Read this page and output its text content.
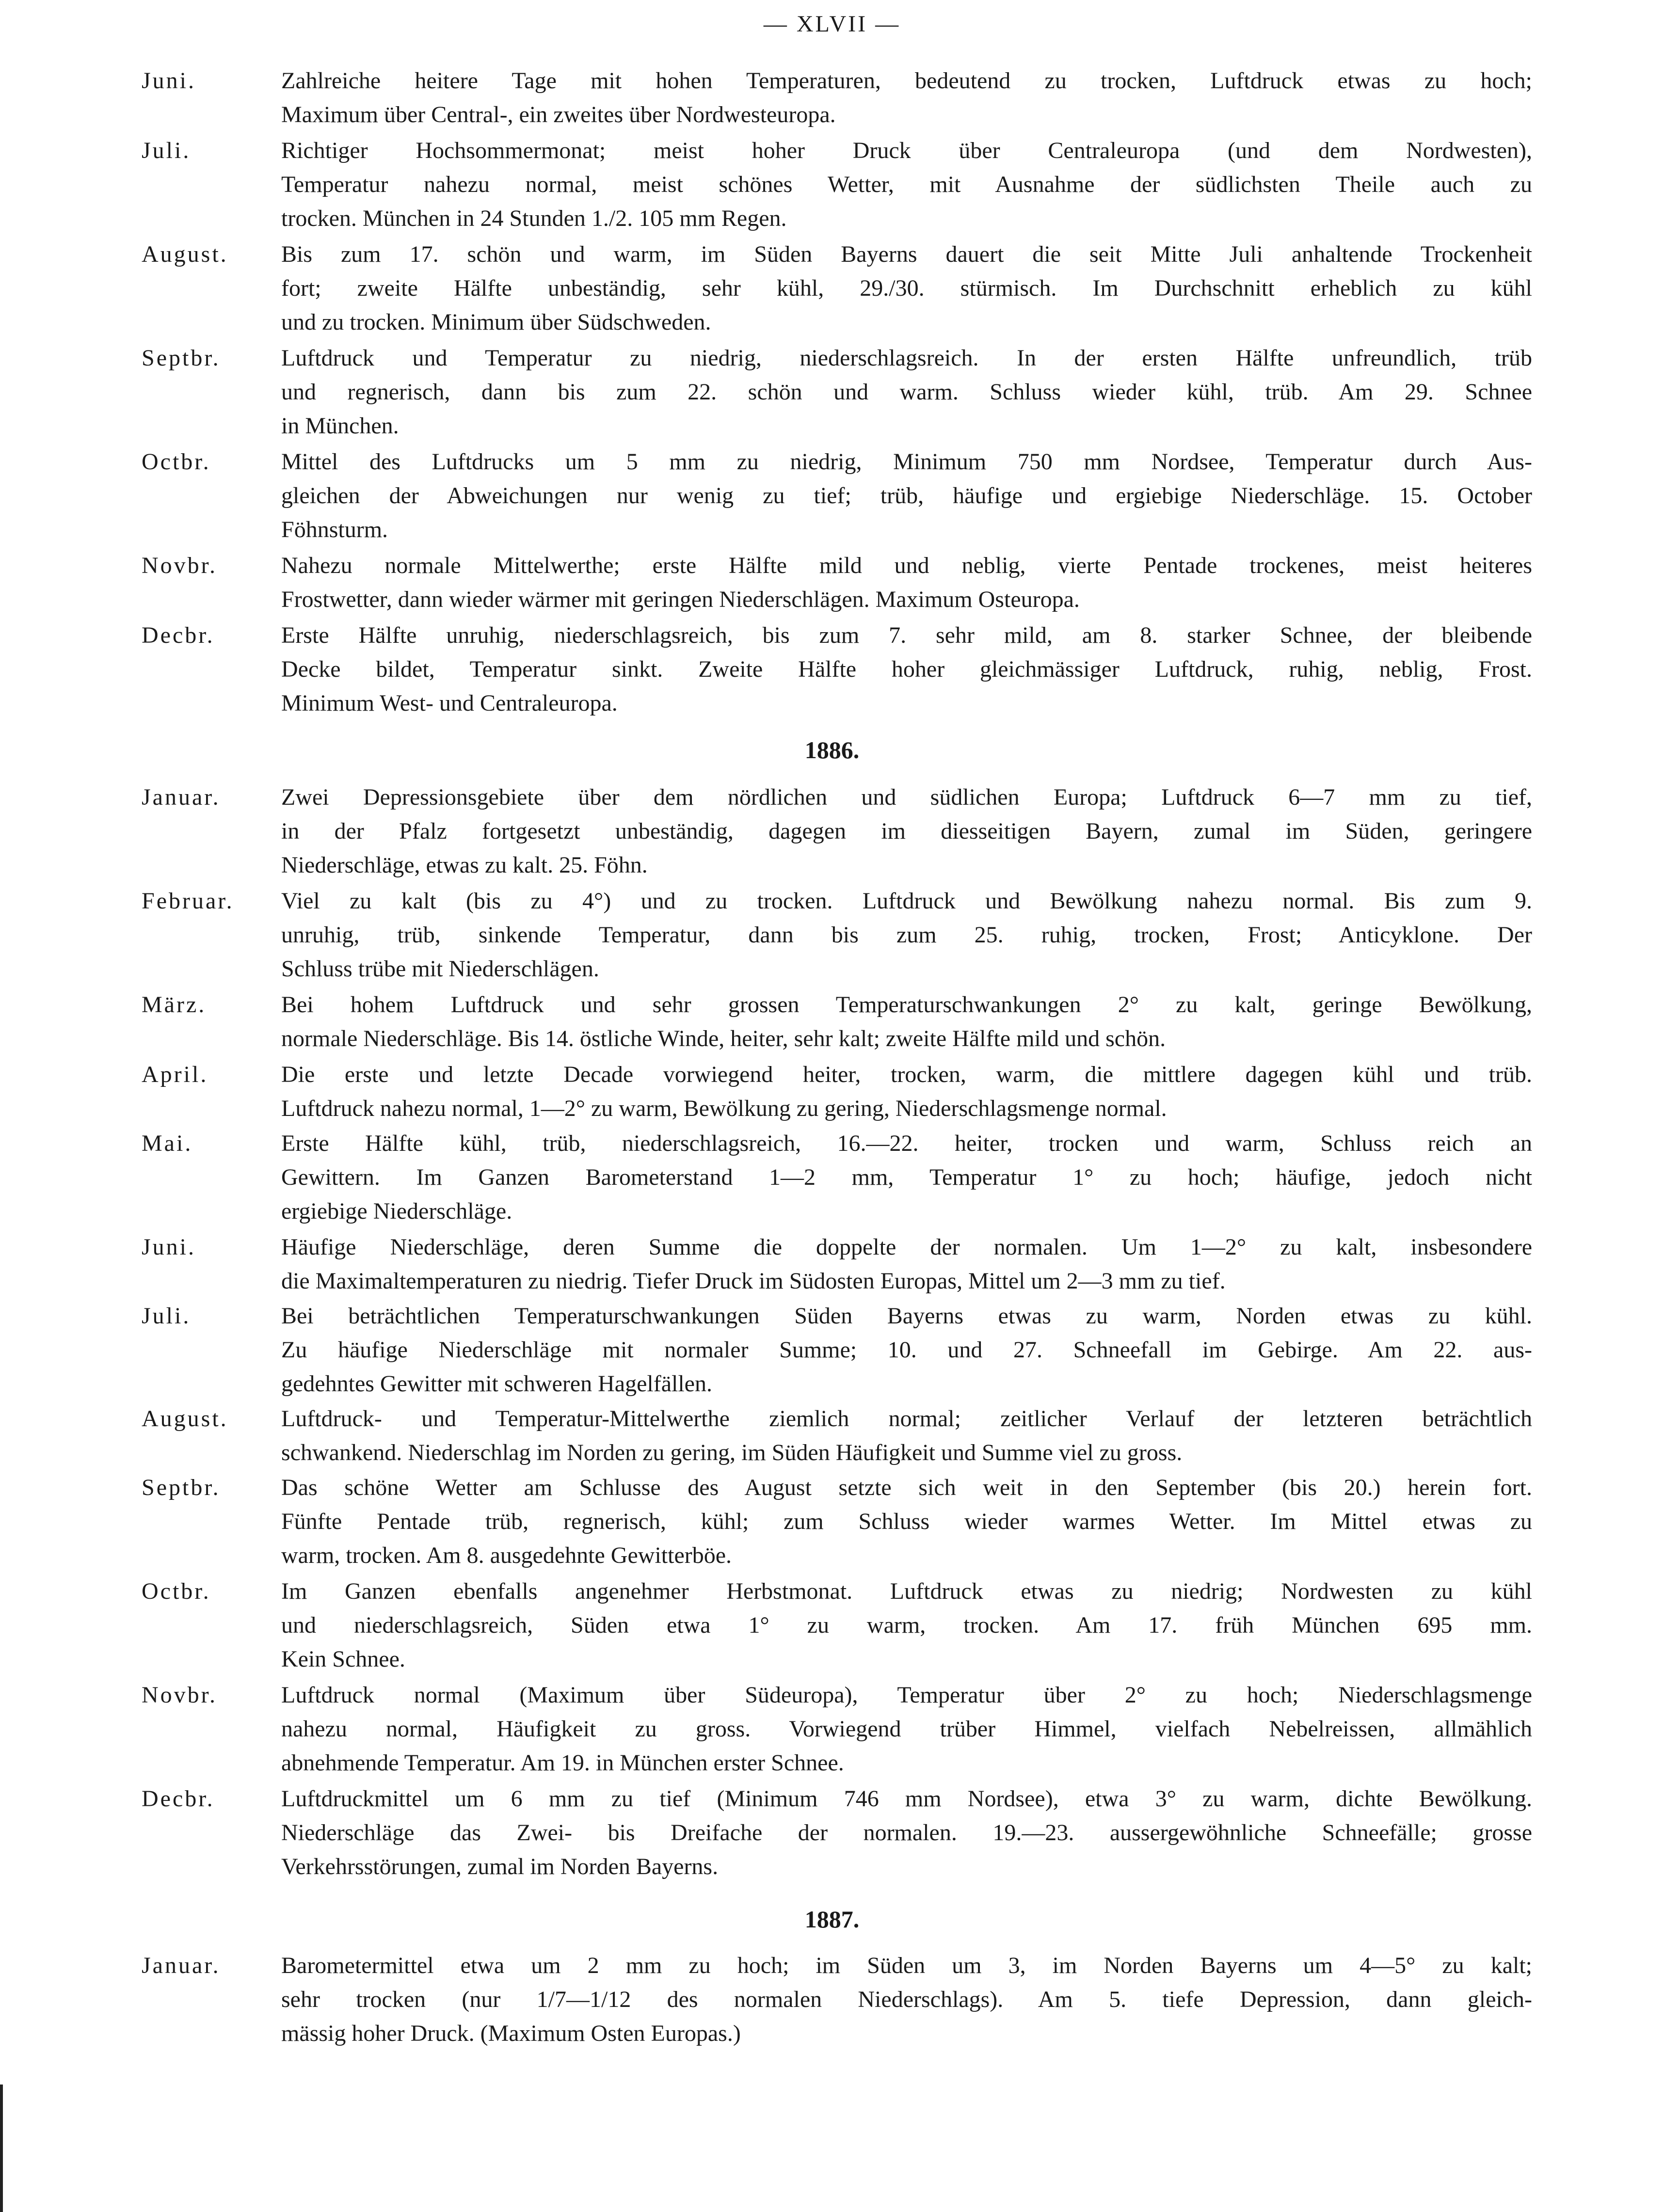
— XLVII —
Juni.	Zahlreiche heitere Tage mit hohen Temperaturen, bedeutend zu trocken, Luftdruck etwas zu hoch;
Maximum über Central-, ein zweites über Nordwesteuropa.
Juli.	Richtiger Hochsommermonat; meist hoher Druck über Centraleuropa (und dem Nordwesten),
Temperatur nahezu normal, meist schönes Wetter, mit Ausnahme der südlichsten Theile auch zu
trocken. München in 24 Stunden 1./2. 105 mm Regen.
August. Bis zum 17. schön und warm, im Süden Bayerns dauert die seit Mitte Juli anhaltende Trockenheit
fort; zweite Hälfte unbeständig, sehr kühl, 29./30. stürmisch. Im Durchschnitt erheblich zu kühl
und zu trocken. Minimum über Südschweden.
Septbr.	Luftdruck und Temperatur zu niedrig, niederschlagsreich. In der ersten Hälfte unfreundlich, trüb
und regnerisch, dann bis zum 22. schön und warm. Schluss wieder kühl, trüb. Am 29. Schnee
in München.
Octbr.	Mittel des Luftdrucks um 5 mm zu niedrig, Minimum 750 mm Nordsee, Temperatur durch Aus-
gleichen der Abweichungen nur wenig zu tief; trüb, häufige und ergiebige Niederschläge. 15. October
Föhnsturm.
Novbr.	Nahezu normale Mittelwerthe; erste Hälfte mild und neblig, vierte Pentade trockenes, meist heiteres
Frostwetter, dann wieder wärmer mit geringen Niederschlägen. Maximum Osteuropa.
Decbr.	Erste Hälfte unruhig, niederschlagsreich, bis zum 7. sehr mild, am 8. starker Schnee, der bleibende
Decke bildet, Temperatur sinkt. Zweite Hälfte hoher gleichmässiger Luftdruck, ruhig, neblig, Frost.
Minimum West- und Centraleuropa.
1886.
Januar.	Zwei Depressionsgebiete über dem nördlichen und südlichen Europa; Luftdruck 6—7 mm zu tief,
in der Pfalz fortgesetzt unbeständig, dagegen im diesseitigen Bayern, zumal im Süden, geringere
Niederschläge, etwas zu kalt. 25. Föhn.
Februar. Viel zu kalt (bis zu 4°) und zu trocken. Luftdruck und Bewölkung nahezu normal. Bis zum 9.
unruhig, trüb, sinkende Temperatur, dann bis zum 25. ruhig, trocken, Frost; Anticyklone. Der
Schluss trübe mit Niederschlägen.
März.	Bei hohem Luftdruck und sehr grossen Temperaturschwankungen 2° zu kalt, geringe Bewölkung,
normale Niederschläge. Bis 14. östliche Winde, heiter, sehr kalt; zweite Hälfte mild und schön.
April.	Die erste und letzte Decade vorwiegend heiter, trocken, warm, die mittlere dagegen kühl und trüb.
Luftdruck nahezu normal, 1—2° zu warm, Bewölkung zu gering, Niederschlagsmenge normal.
Mai.	Erste Hälfte kühl, trüb, niederschlagsreich, 16.—22. heiter, trocken und warm, Schluss reich an
Gewittern. Im Ganzen Barometerstand 1—2 mm, Temperatur 1° zu hoch; häufige, jedoch nicht
ergiebige Niederschläge.
Juni.	Häufige Niederschläge, deren Summe die doppelte der normalen. Um 1—2° zu kalt, insbesondere
die Maximaltemperaturen zu niedrig. Tiefer Druck im Südosten Europas, Mittel um 2—3 mm zu tief.
Juli.	Bei beträchtlichen Temperaturschwankungen Süden Bayerns etwas zu warm, Norden etwas zu kühl.
Zu häufige Niederschläge mit normaler Summe; 10. und 27. Schneefall im Gebirge. Am 22. aus-
gedehntes Gewitter mit schweren Hagelfällen.
August. Luftdruck- und Temperatur-Mittelwerthe ziemlich normal; zeitlicher Verlauf der letzteren beträchtlich
schwankend. Niederschlag im Norden zu gering, im Süden Häufigkeit und Summe viel zu gross.
Septbr.	Das schöne Wetter am Schlusse des August setzte sich weit in den September (bis 20.) herein fort.
Fünfte Pentade trüb, regnerisch, kühl; zum Schluss wieder warmes Wetter. Im Mittel etwas zu
warm, trocken. Am 8. ausgedehnte Gewitterböe.
Octbr.	Im Ganzen ebenfalls angenehmer Herbstmonat. Luftdruck etwas zu niedrig; Nordwesten zu kühl
und niederschlagsreich, Süden etwa 1° zu warm, trocken. Am 17. früh München 695 mm.
Kein Schnee.
Novbr.	Luftdruck normal (Maximum über Südeuropa), Temperatur über 2° zu hoch; Niederschlagsmenge
nahezu normal, Häufigkeit zu gross. Vorwiegend trüber Himmel, vielfach Nebelreissen, allmählich
abnehmende Temperatur. Am 19. in München erster Schnee.
Decbr.	Luftdruckmittel um 6 mm zu tief (Minimum 746 mm Nordsee), etwa 3° zu warm, dichte Bewölkung.
Niederschläge das Zwei- bis Dreifache der normalen. 19.—23. aussergewöhnliche Schneefälle; grosse
Verkehrsstörungen, zumal im Norden Bayerns.
1887.
Januar.	Barometermittel etwa um 2 mm zu hoch; im Süden um 3, im Norden Bayerns um 4—5° zu kalt;
sehr trocken (nur 1/7—1/12 des normalen Niederschlags). Am 5. tiefe Depression, dann gleich-
mässig hoher Druck. (Maximum Osten Europas.)
